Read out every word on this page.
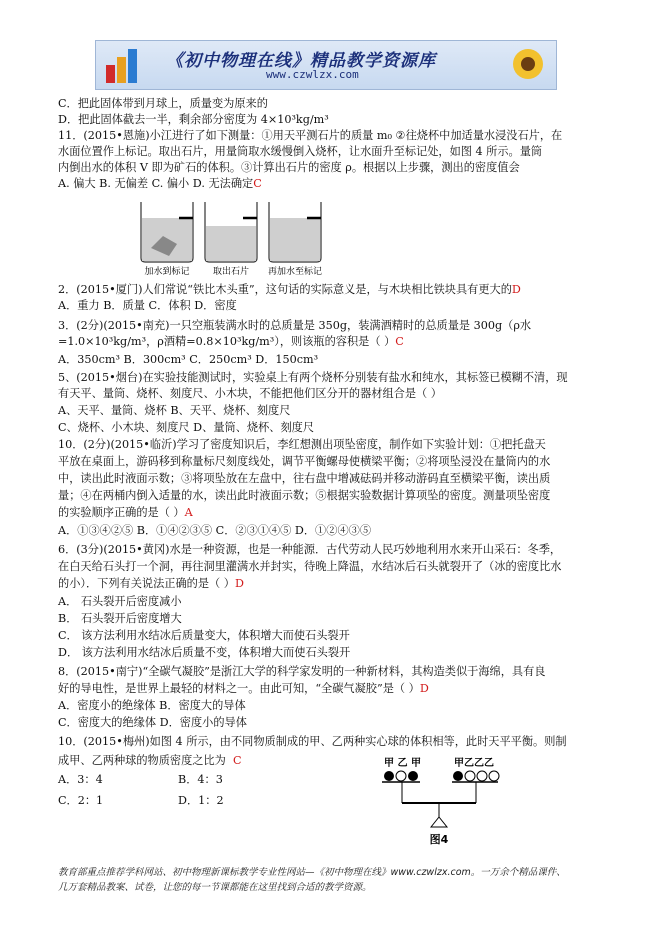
《初中物理在线》精品教学资源库
www.czwlzx.com
C．把此固体带到月球上，质量变为原来的
D．把此固体截去一半，剩余部分密度为 4×10³kg/m³
11．(2015•恩施)小江进行了如下测量：①用天平测石片的质量 m₀ ②往烧杯中加适量水浸没石片，在
水面位置作上标记。取出石片，用量筒取水缓慢倒入烧杯，让水面升至标记处，如图 4 所示。量筒
内倒出水的体积 V 即为矿石的体积。③计算出石片的密度 ρ。根据以上步骤，测出的密度值会
A. 偏大 B. 无偏差 C. 偏小 D. 无法确定C
加水到标记	取出石片 再加水至标记
2．(2015•厦门)人们常说“铁比木头重”，这句话的实际意义是，与木块相比铁块具有更大的D
A．重力 B．质量 C．体积 D．密度
3．(2分)(2015•南充)一只空瓶装满水时的总质量是 350g，装满酒精时的总质量是 300g（ρ水
=1.0×10³kg/m³，ρ酒精=0.8×10³kg/m³），则该瓶的容积是（ ）C
A．350cm³ B．300cm³ C．250cm³ D．150cm³
5、(2015•烟台)在实验技能测试时，实验桌上有两个烧杯分别装有盐水和纯水，其标签已模糊不清，现
有天平、量筒、烧杯、刻度尺、小木块，不能把他们区分开的器材组合是（ ）
A、天平、量筒、烧杯 B、天平、烧杯、刻度尺
C、烧杯、小木块、刻度尺 D、量筒、烧杯、刻度尺
10．(2分)(2015•临沂)学习了密度知识后，李红想测出项坠密度，制作如下实验计划：①把托盘天
平放在桌面上，游码移到称量标尺刻度线处，调节平衡螺母使横梁平衡；②将项坠浸没在量筒内的水
中，读出此时液面示数；③将项坠放在左盘中，往右盘中增减砝码并移动游码直至横梁平衡，读出质
量；④在两桶内倒入适量的水，读出此时液面示数；⑤根据实验数据计算项坠的密度。测量项坠密度
的实验顺序正确的是（ ）A
A．①③④②⑤ B．①④②③⑤ C．②③①④⑤ D．①②④③⑤
6．(3分)(2015•黄冈)水是一种资源，也是一种能源．古代劳动人民巧妙地利用水来开山采石：冬季，
在白天给石头打一个洞，再往洞里灌满水并封实，待晚上降温，水结冰后石头就裂开了（冰的密度比水
的小）．下列有关说法正确的是（ ）D
A． 石头裂开后密度减小
B． 石头裂开后密度增大
C． 该方法利用水结冰后质量变大，体积增大而使石头裂开
D． 该方法利用水结冰后质量不变，体积增大而使石头裂开
8．(2015•南宁)“全碳气凝胶”是浙江大学的科学家发明的一种新材料，其构造类似于海绵，具有良
好的导电性，是世界上最轻的材料之一。由此可知，“全碳气凝胶”是（ ）D
A．密度小的绝缘体 B．密度大的导体
C．密度大的绝缘体 D．密度小的导体
10．(2015•梅州)如图 4 所示，由不同物质制成的甲、乙两种实心球的体积相等，此时天平平衡。则制
成甲、乙两种球的物质密度之比为 C
A．3：4	B．4：3
C．2：1	D．1：2
甲 乙 甲	甲乙乙乙
图4
教育部重点推荐学科网站、初中物理新课标教学专业性网站—《初中物理在线》www.czwlzx.com。一万余个精品课件、
几万套精品教案、试卷，让您的每一节课都能在这里找到合适的教学资源。
